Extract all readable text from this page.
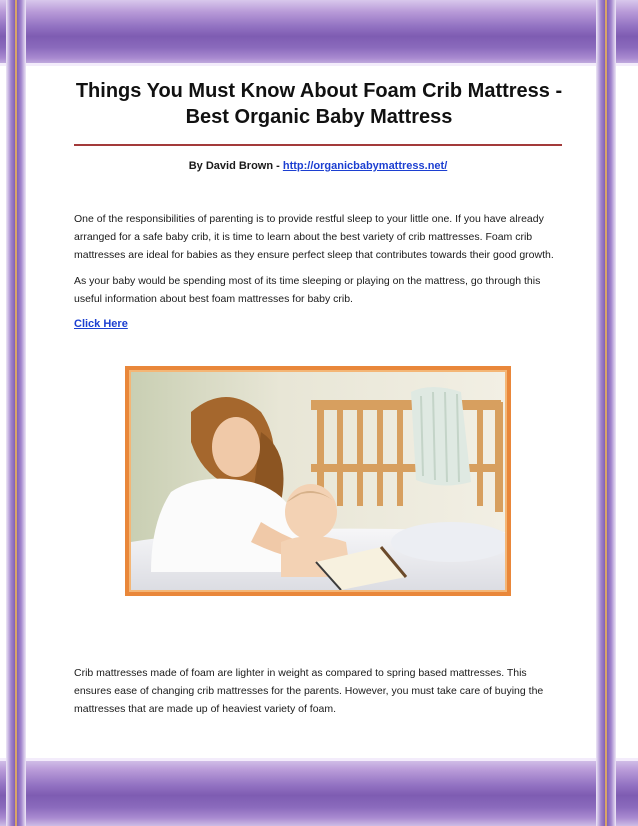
Things You Must Know About Foam Crib Mattress - Best Organic Baby Mattress
By David Brown - http://organicbabymattress.net/

One of the responsibilities of parenting is to provide restful sleep to your little one. If you have already arranged for a safe baby crib, it is time to learn about the best variety of crib mattresses. Foam crib mattresses are ideal for babies as they ensure perfect sleep that contributes towards their good growth.

As your baby would be spending most of its time sleeping or playing on the mattress, go through this useful information about best foam mattresses for baby crib.

Click Here

Crib mattresses made of foam are lighter in weight as compared to spring based mattresses. This ensures ease of changing crib mattresses for the parents. However, you must take care of buying the mattresses that are made up of heaviest variety of foam.
